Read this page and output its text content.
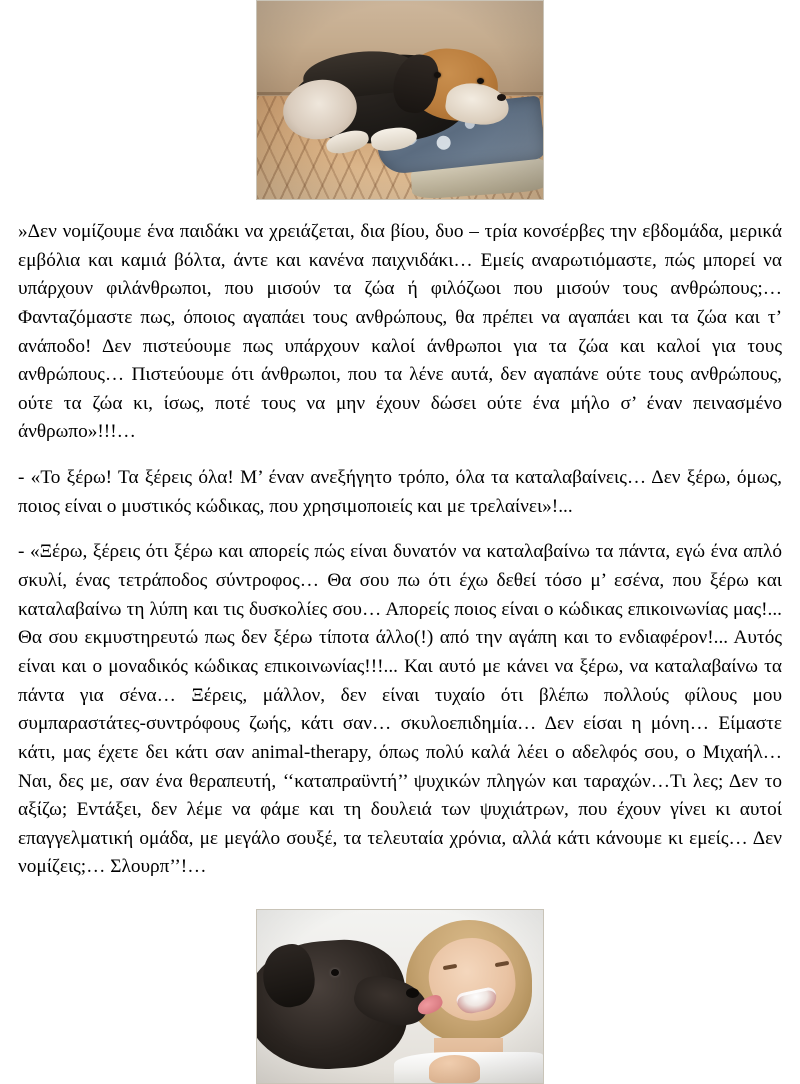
»Δεν νομίζουμε ένα παιδάκι να χρειάζεται, δια βίου, δυο – τρία κονσέρβες την εβδομάδα, μερικά εμβόλια και καμιά βόλτα, άντε και κανένα παιχνιδάκι… Εμείς αναρωτιόμαστε, πώς μπορεί να υπάρχουν φιλάνθρωποι, που μισούν τα ζώα ή φιλόζωοι που μισούν τους ανθρώπους;… Φανταζόμαστε πως, όποιος αγαπάει τους ανθρώπους, θα πρέπει να αγαπάει και τα ζώα και τ’ ανάποδο! Δεν πιστεύουμε πως υπάρχουν καλοί άνθρωποι για τα ζώα και καλοί για τους ανθρώπους… Πιστεύουμε ότι άνθρωποι, που τα λένε αυτά, δεν αγαπάνε ούτε τους ανθρώπους, ούτε τα ζώα κι, ίσως, ποτέ τους να μην έχουν δώσει ούτε ένα μήλο σ’ έναν πεινασμένο άνθρωπο»!!!…

- «Το ξέρω! Τα ξέρεις όλα! Μ’ έναν ανεξήγητο τρόπο, όλα τα καταλαβαίνεις… Δεν ξέρω, όμως, ποιος είναι ο μυστικός κώδικας, που χρησιμοποιείς και με τρελαίνει»!...

- «Ξέρω, ξέρεις ότι ξέρω και απορείς πώς είναι δυνατόν να καταλαβαίνω τα πάντα, εγώ ένα απλό σκυλί, ένας τετράποδος σύντροφος… Θα σου πω ότι έχω δεθεί τόσο μ’ εσένα, που ξέρω και καταλαβαίνω τη λύπη και τις δυσκολίες σου… Απορείς ποιος είναι ο κώδικας επικοινωνίας μας!... Θα σου εκμυστηρευτώ πως δεν ξέρω τίποτα άλλο(!) από την αγάπη και το ενδιαφέρον!... Αυτός είναι και ο μοναδικός κώδικας επικοινωνίας!!!... Και αυτό με κάνει να ξέρω, να καταλαβαίνω τα πάντα για σένα… Ξέρεις, μάλλον, δεν είναι τυχαίο ότι βλέπω πολλούς φίλους μου συμπαραστάτες-συντρόφους ζωής, κάτι σαν… σκυλοεπιδημία… Δεν είσαι η μόνη… Είμαστε κάτι, μας έχετε δει κάτι σαν animal-therapy, όπως πολύ καλά λέει ο αδελφός σου, ο Μιχαήλ… Ναι, δες με, σαν ένα θεραπευτή, ‘‘καταπραϋντή’’ ψυχικών πληγών και ταραχών…Τι λες; Δεν το αξίζω; Εντάξει, δεν λέμε να φάμε και τη δουλειά των ψυχιάτρων, που έχουν γίνει κι αυτοί επαγγελματική ομάδα, με μεγάλο σουξέ, τα τελευταία χρόνια, αλλά κάτι κάνουμε κι εμείς… Δεν νομίζεις;… Σλουρπ’’!…
